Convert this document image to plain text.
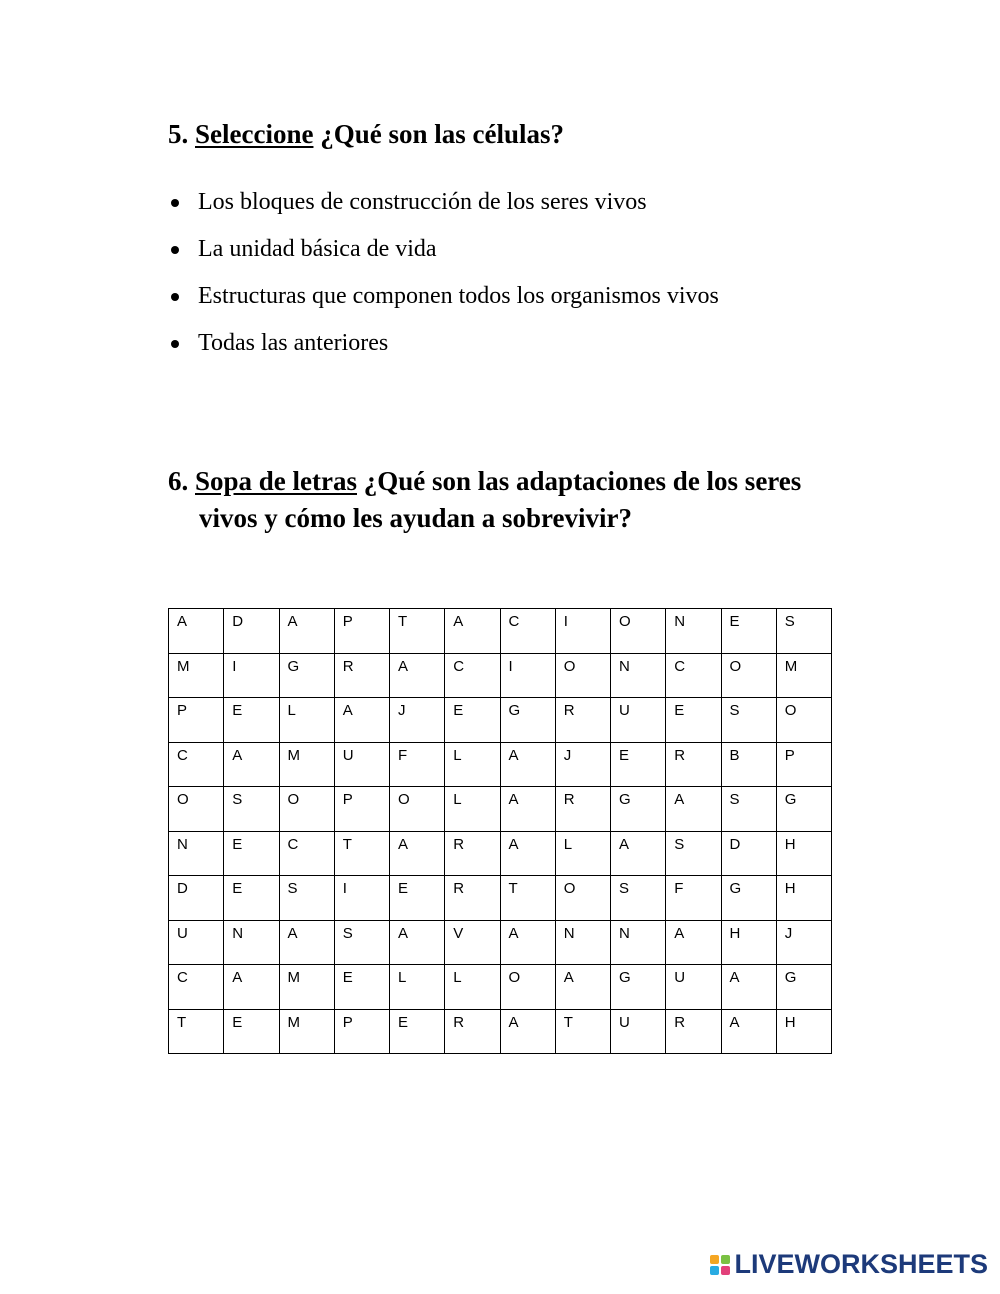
5. Seleccione ¿Qué son las células?
Los bloques de construcción de los seres vivos
La unidad básica de vida
Estructuras que componen todos los organismos vivos
Todas las anteriores
6. Sopa de letras ¿Qué son las adaptaciones de los seres
vivos y cómo les ayudan a sobrevivir?
A	D	A	P	T	A	C	I	O	N	E	S

M	I	G	R	A	C	I	O	N	C	O	M

P	E	L	A	J	E	G	R	U	E	S	O

C	A	M	U	F	L	A	J	E	R	B	P

O	S	O	P	O	L	A	R	G	A	S	G

N	E	C	T	A	R	A	L	A	S	D	H

D	E	S	I	E	R	T	O	S	F	G	H

U	N	A	S	A	V	A	N	N	A	H	J

C	A	M	E	L	L	O	A	G	U	A	G

T	E	M	P	E	R	A	T	U	R	A	H
LIVEWORKSHEETS
